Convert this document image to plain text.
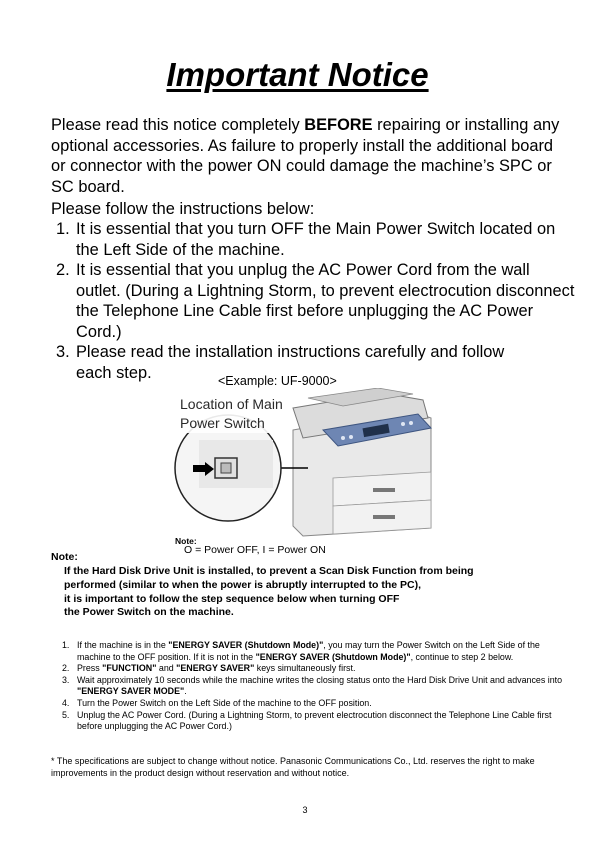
Important Notice
Please read this notice completely BEFORE repairing or installing any optional accessories. As failure to properly install the additional board or connector with the power ON could damage the machine’s SPC or SC board.
Please follow the instructions below:
1. It is essential that you turn OFF the Main Power Switch located on the Left Side of the machine.
2. It is essential that you unplug the AC Power Cord from the wall outlet. (During a Lightning Storm, to prevent electrocution disconnect the Telephone Line Cable first before unplugging the AC Power Cord.)
3. Please read the installation instructions carefully and follow each step.	<Example: UF-9000>
Location of Main
Power Switch
Note:
O = Power OFF, I = Power ON
Note:
If the Hard Disk Drive Unit is installed, to prevent a Scan Disk Function from being
performed (similar to when the power is abruptly interrupted to the PC),
it is important to follow the step sequence below when turning OFF
the Power Switch on the machine.
1. If the machine is in the "ENERGY SAVER (Shutdown Mode)", you may turn the Power Switch on the Left Side of the machine to the OFF position. If it is not in the "ENERGY SAVER (Shutdown Mode)", continue to step 2 below.
2. Press "FUNCTION" and "ENERGY SAVER" keys simultaneously first.
3. Wait approximately 10 seconds while the machine writes the closing status onto the Hard Disk Drive Unit and advances into "ENERGY SAVER MODE".
4. Turn the Power Switch on the Left Side of the machine to the OFF position.
5. Unplug the AC Power Cord. (During a Lightning Storm, to prevent electrocution disconnect the Telephone Line Cable first before unplugging the AC Power Cord.)
* The specifications are subject to change without notice. Panasonic Communications Co., Ltd. reserves the right to make improvements in the product design without reservation and without notice.
3
